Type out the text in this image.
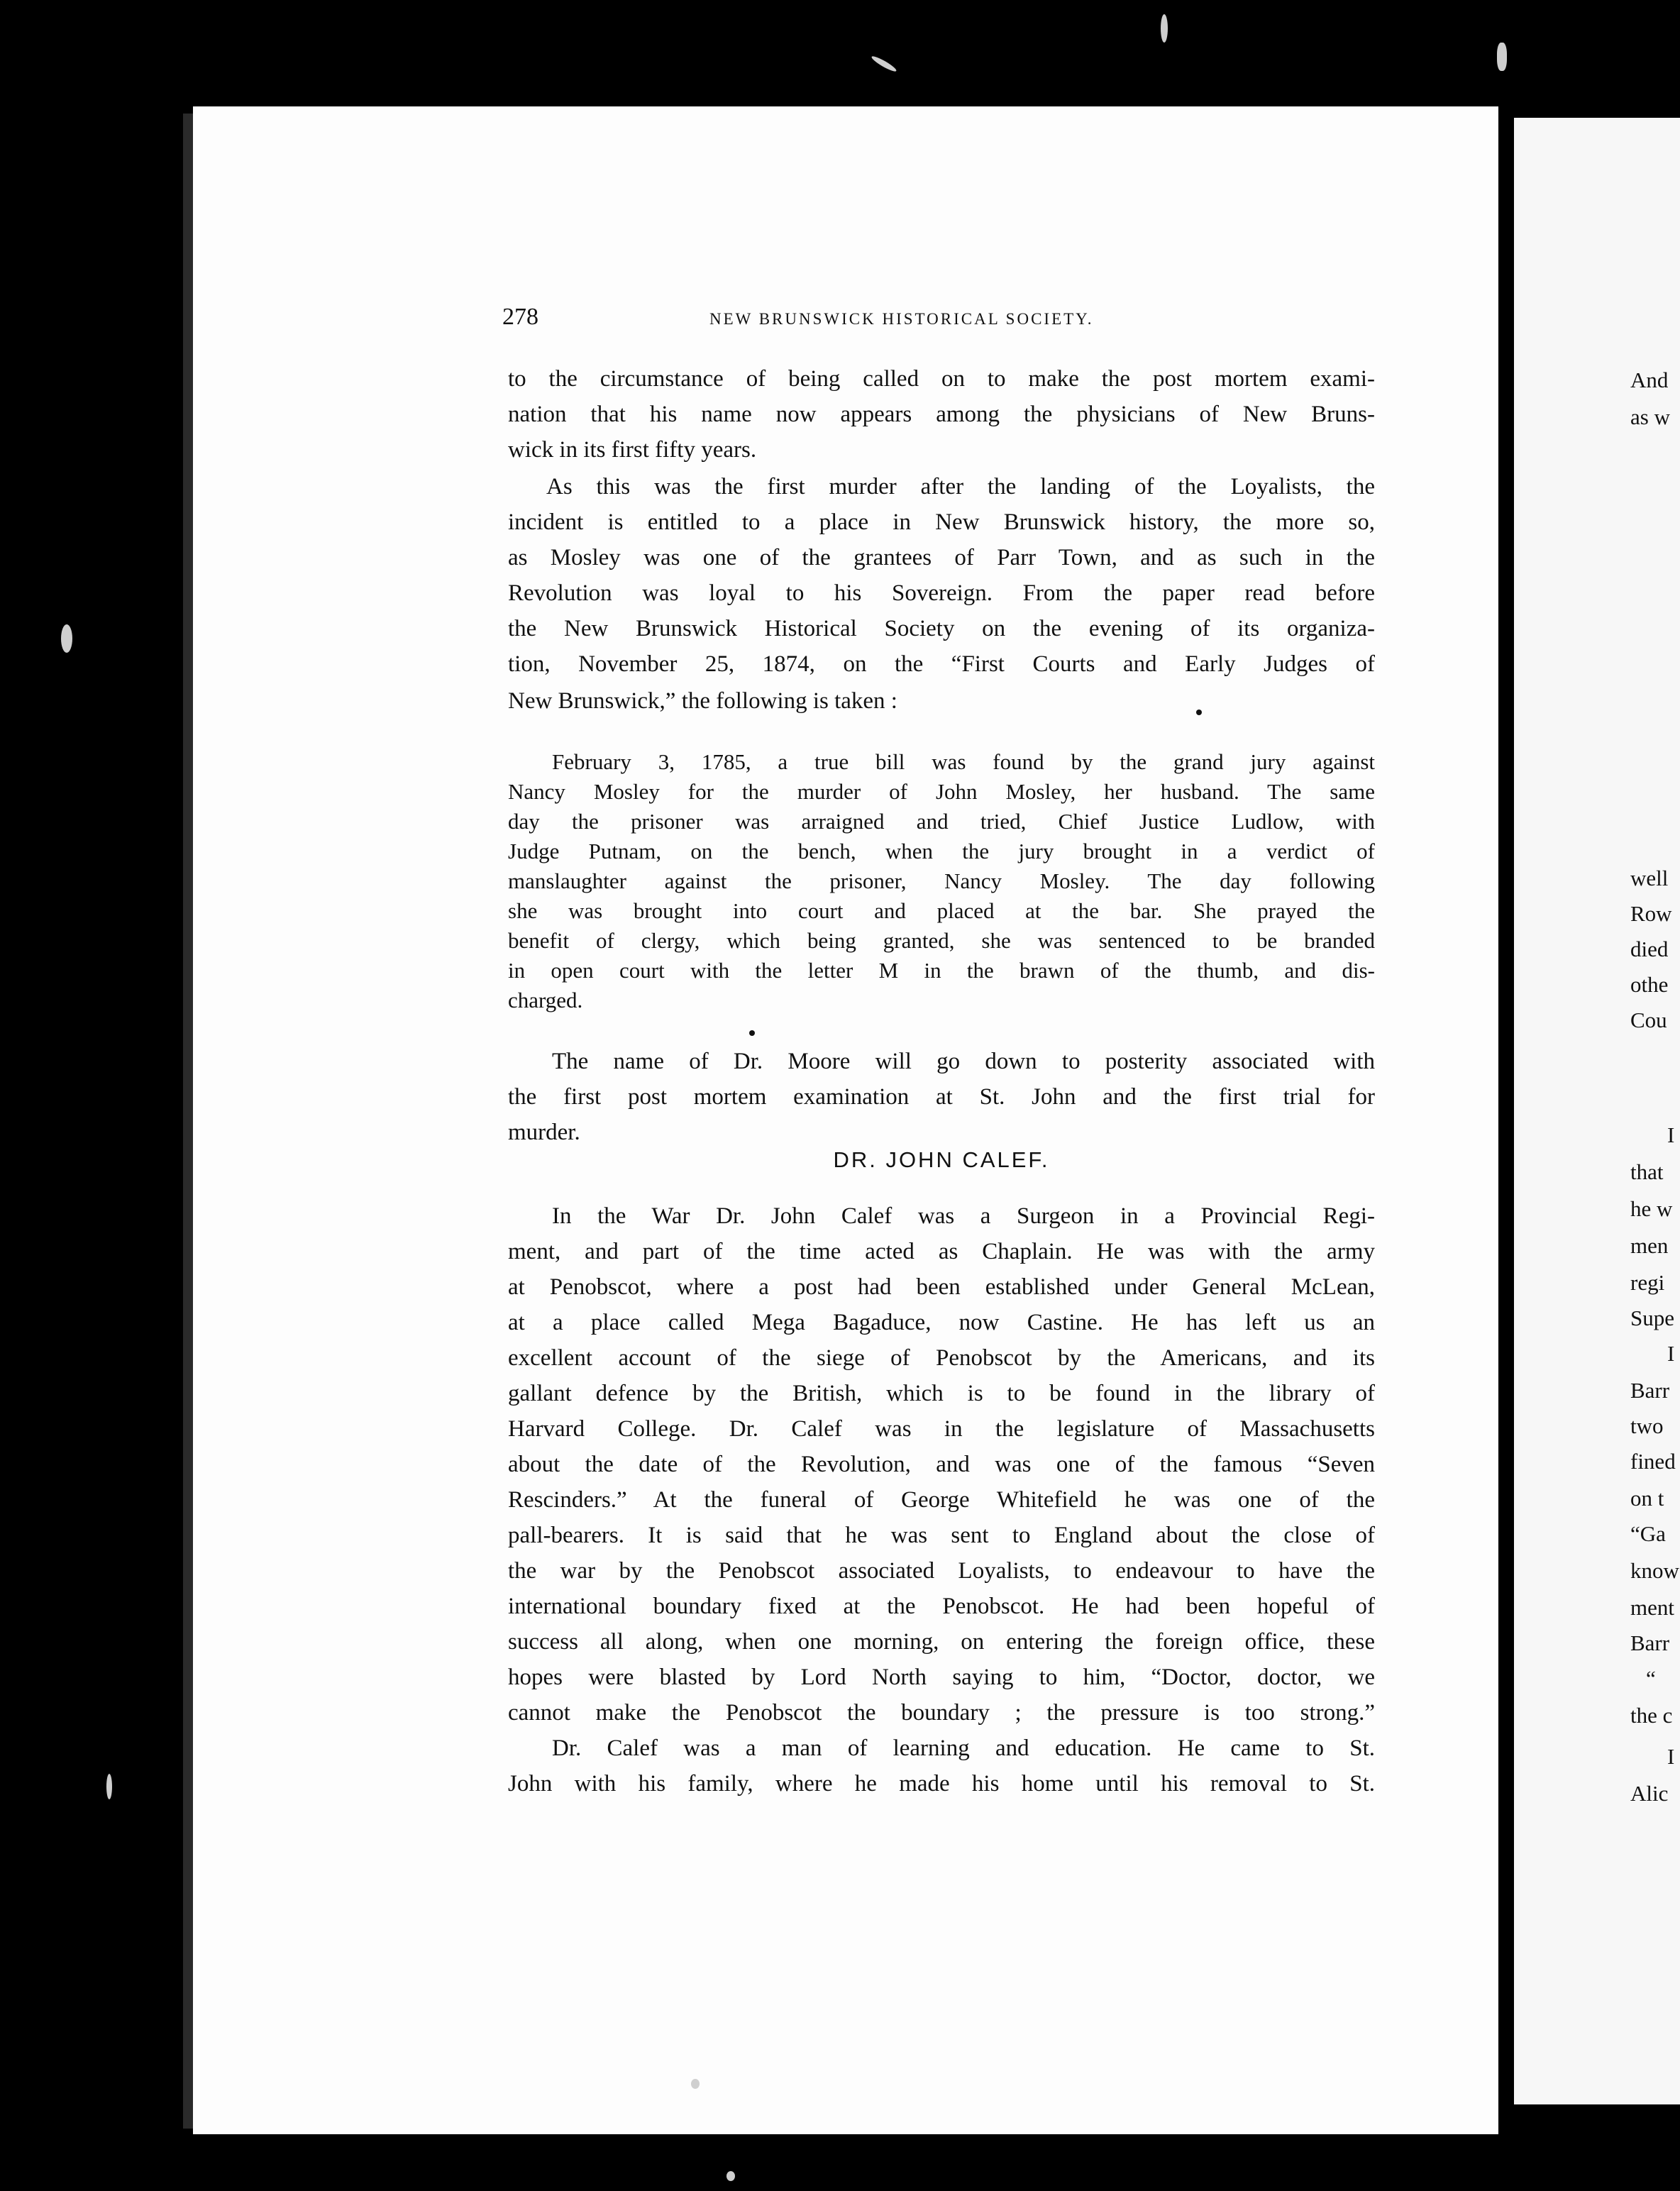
278	NEW BRUNSWICK HISTORICAL SOCIETY.
to the circumstance of being called on to make the post mortem exami-
nation that his name now appears among the physicians of New Bruns-
wick in its first fifty years.
As this was the first murder after the landing of the Loyalists, the
incident is entitled to a place in New Brunswick history, the more so,
as Mosley was one of the grantees of Parr Town, and as such in the
Revolution was loyal to his Sovereign. From the paper read before
the New Brunswick Historical Society on the evening of its organiza-
tion, November 25, 1874, on the “First Courts and Early Judges of
New Brunswick,” the following is taken :
February 3, 1785, a true bill was found by the grand jury against
Nancy Mosley for the murder of John Mosley, her husband. The same
day the prisoner was arraigned and tried, Chief Justice Ludlow, with
Judge Putnam, on the bench, when the jury brought in a verdict of
manslaughter against the prisoner, Nancy Mosley. The day following
she was brought into court and placed at the bar. She prayed the
benefit of clergy, which being granted, she was sentenced to be branded
in open court with the letter M in the brawn of the thumb, and dis-
charged.
The name of Dr. Moore will go down to posterity associated with
the first post mortem examination at St. John and the first trial for
murder.
DR. JOHN CALEF.
In the War Dr. John Calef was a Surgeon in a Provincial Regi-
ment, and part of the time acted as Chaplain. He was with the army
at Penobscot, where a post had been established under General McLean,
at a place called Mega Bagaduce, now Castine. He has left us an
excellent account of the siege of Penobscot by the Americans, and its
gallant defence by the British, which is to be found in the library of
Harvard College. Dr. Calef was in the legislature of Massachusetts
about the date of the Revolution, and was one of the famous “Seven
Rescinders.” At the funeral of George Whitefield he was one of the
pall-bearers. It is said that he was sent to England about the close of
the war by the Penobscot associated Loyalists, to endeavour to have the
international boundary fixed at the Penobscot. He had been hopeful of
success all along, when one morning, on entering the foreign office, these
hopes were blasted by Lord North saying to him, “Doctor, doctor, we
cannot make the Penobscot the boundary ; the pressure is too strong.”
Dr. Calef was a man of learning and education. He came to St.
John with his family, where he made his home until his removal to St.
And
as w
well
Row
died
othe
Cou
I
that
he w
men
regi
Supe
I
Barr
two
fined
on t
“Ga
know
ment
Barr
“
the c
I
Alic
